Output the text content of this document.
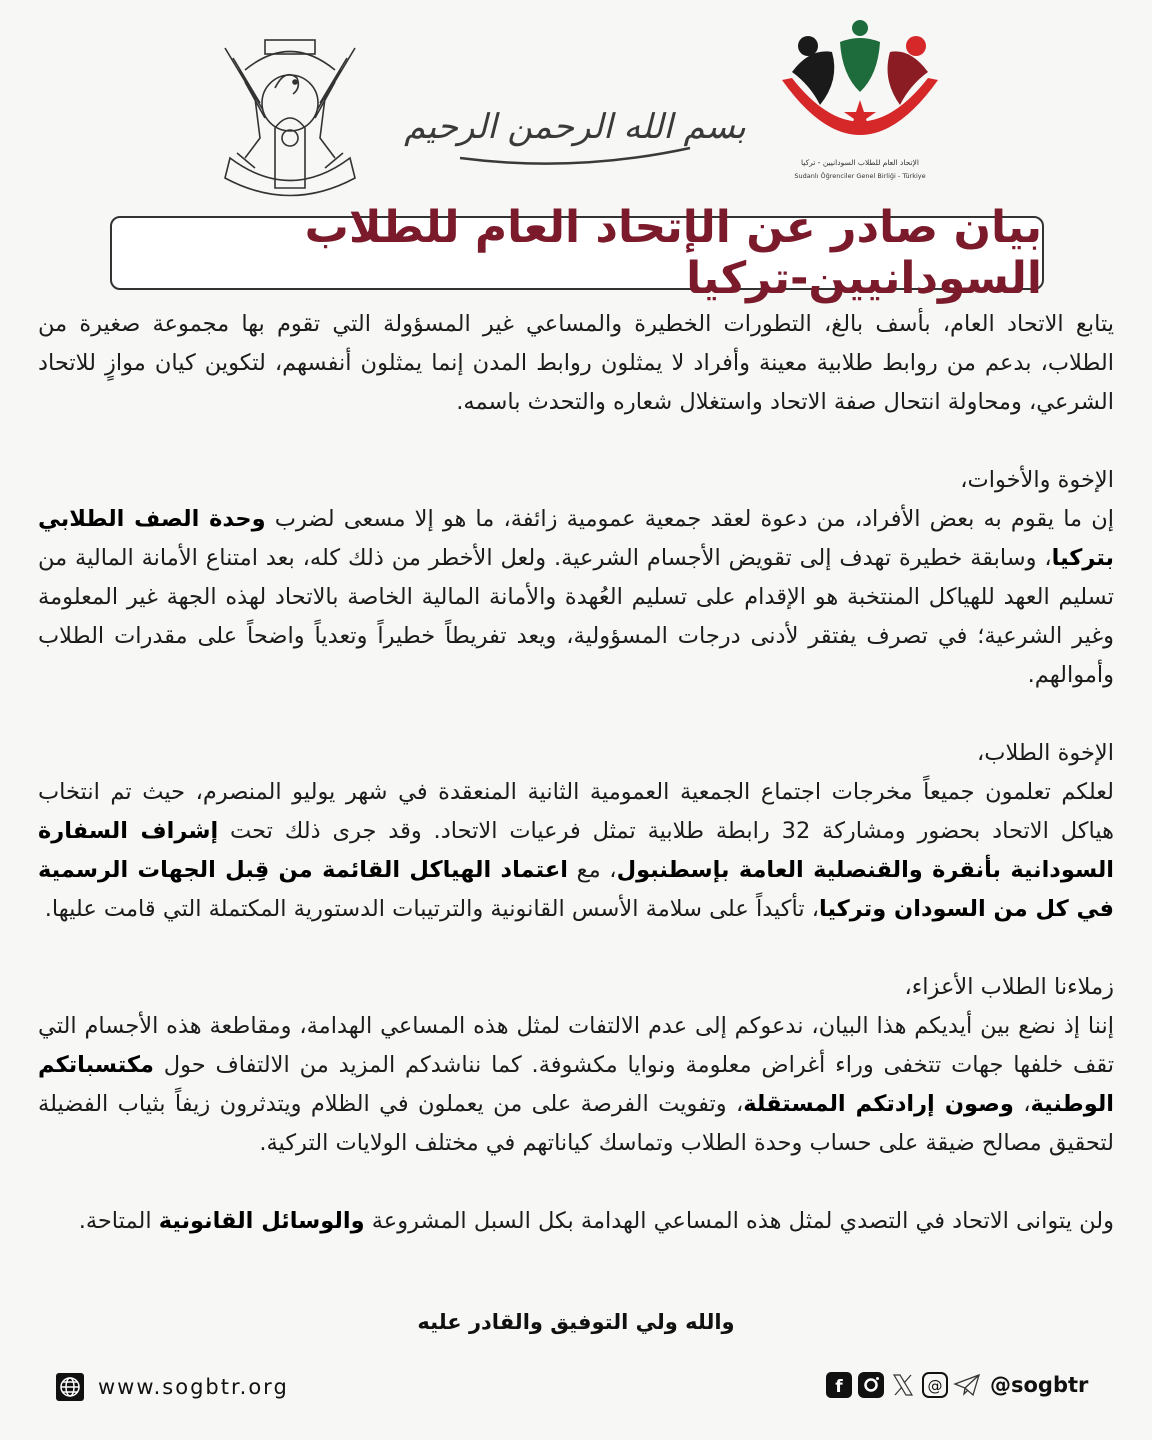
بسم الله الرحمن الرحيم
الإتحاد العام للطلاب السودانيين - تركيا
Sudanlı Öğrenciler Genel Birliği - Türkiye
بيان صادر عن الإتحاد العام للطلاب السودانيين-تركيا

يتابع الاتحاد العام، بأسف بالغ، التطورات الخطيرة والمساعي غير المسؤولة التي تقوم بها مجموعة صغيرة من الطلاب، بدعم من روابط طلابية معينة وأفراد لا يمثلون روابط المدن إنما يمثلون أنفسهم، لتكوين كيان موازٍ للاتحاد الشرعي، ومحاولة انتحال صفة الاتحاد واستغلال شعاره والتحدث باسمه.

الإخوة والأخوات،

إن ما يقوم به بعض الأفراد، من دعوة لعقد جمعية عمومية زائفة، ما هو إلا مسعى لضرب وحدة الصف الطلابي بتركيا، وسابقة خطيرة تهدف إلى تقويض الأجسام الشرعية. ولعل الأخطر من ذلك كله، بعد امتناع الأمانة المالية من تسليم العهد للهياكل المنتخبة هو الإقدام على تسليم العُهدة والأمانة المالية الخاصة بالاتحاد لهذه الجهة غير المعلومة وغير الشرعية؛ في تصرف يفتقر لأدنى درجات المسؤولية، ويعد تفريطاً خطيراً وتعدياً واضحاً على مقدرات الطلاب وأموالهم.

الإخوة الطلاب،

لعلكم تعلمون جميعاً مخرجات اجتماع الجمعية العمومية الثانية المنعقدة في شهر يوليو المنصرم، حيث تم انتخاب هياكل الاتحاد بحضور ومشاركة 32 رابطة طلابية تمثل فرعيات الاتحاد. وقد جرى ذلك تحت إشراف السفارة السودانية بأنقرة والقنصلية العامة بإسطنبول، مع اعتماد الهياكل القائمة من قِبل الجهات الرسمية في كل من السودان وتركيا، تأكيداً على سلامة الأسس القانونية والترتيبات الدستورية المكتملة التي قامت عليها.

زملاءنا الطلاب الأعزاء،

إننا إذ نضع بين أيديكم هذا البيان، ندعوكم إلى عدم الالتفات لمثل هذه المساعي الهدامة، ومقاطعة هذه الأجسام التي تقف خلفها جهات تتخفى وراء أغراض معلومة ونوايا مكشوفة. كما نناشدكم المزيد من الالتفاف حول مكتسباتكم الوطنية، وصون إرادتكم المستقلة، وتفويت الفرصة على من يعملون في الظلام ويتدثرون زيفاً بثياب الفضيلة لتحقيق مصالح ضيقة على حساب وحدة الطلاب وتماسك كياناتهم في مختلف الولايات التركية.

ولن يتوانى الاتحاد في التصدي لمثل هذه المساعي الهدامة بكل السبل المشروعة والوسائل القانونية المتاحة.

والله ولي التوفيق والقادر عليه
www.sogbtr.org	f	@ @sogbtr
